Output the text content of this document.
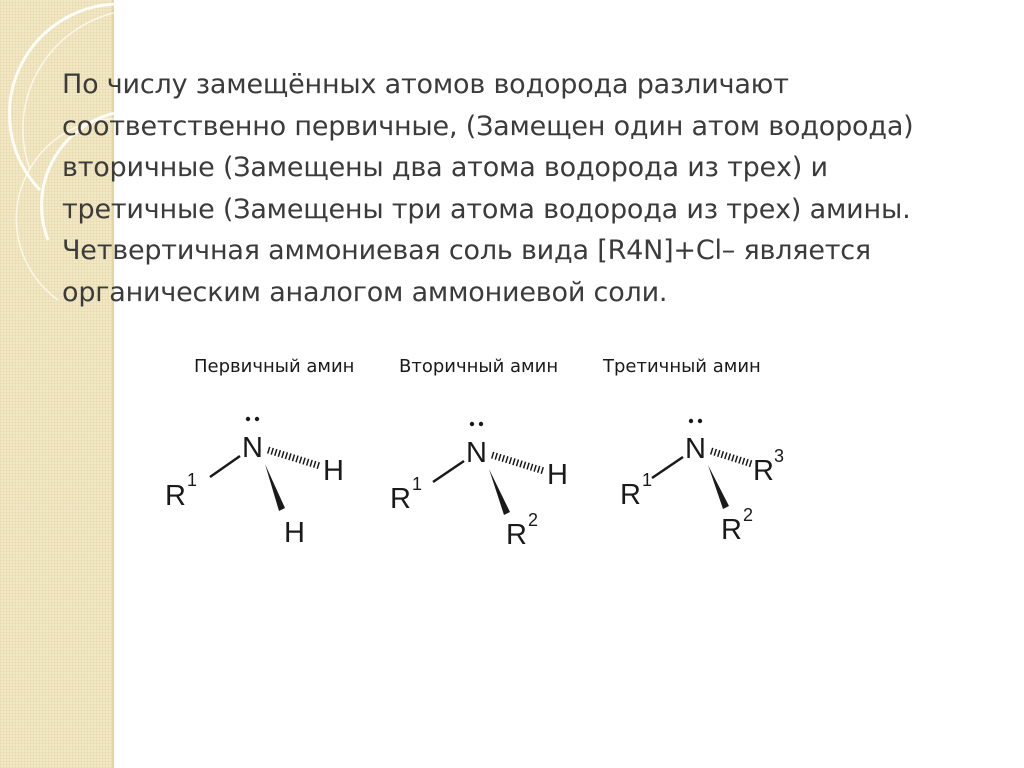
По числу замещённых атомов водорода различают
соответственно первичные, (Замещен один атом водорода)
вторичные (Замещены два атома водорода из трех) и
третичные (Замещены три атома водорода из трех) амины.
Четвертичная аммониевая соль вида [R4N]+Cl– является
органическим аналогом аммониевой соли.
Первичный амин Вторичный амин Третичный амин
N
R 1	H
H
N
R 1	H
R 2
N
R 1	R 3
R 2
